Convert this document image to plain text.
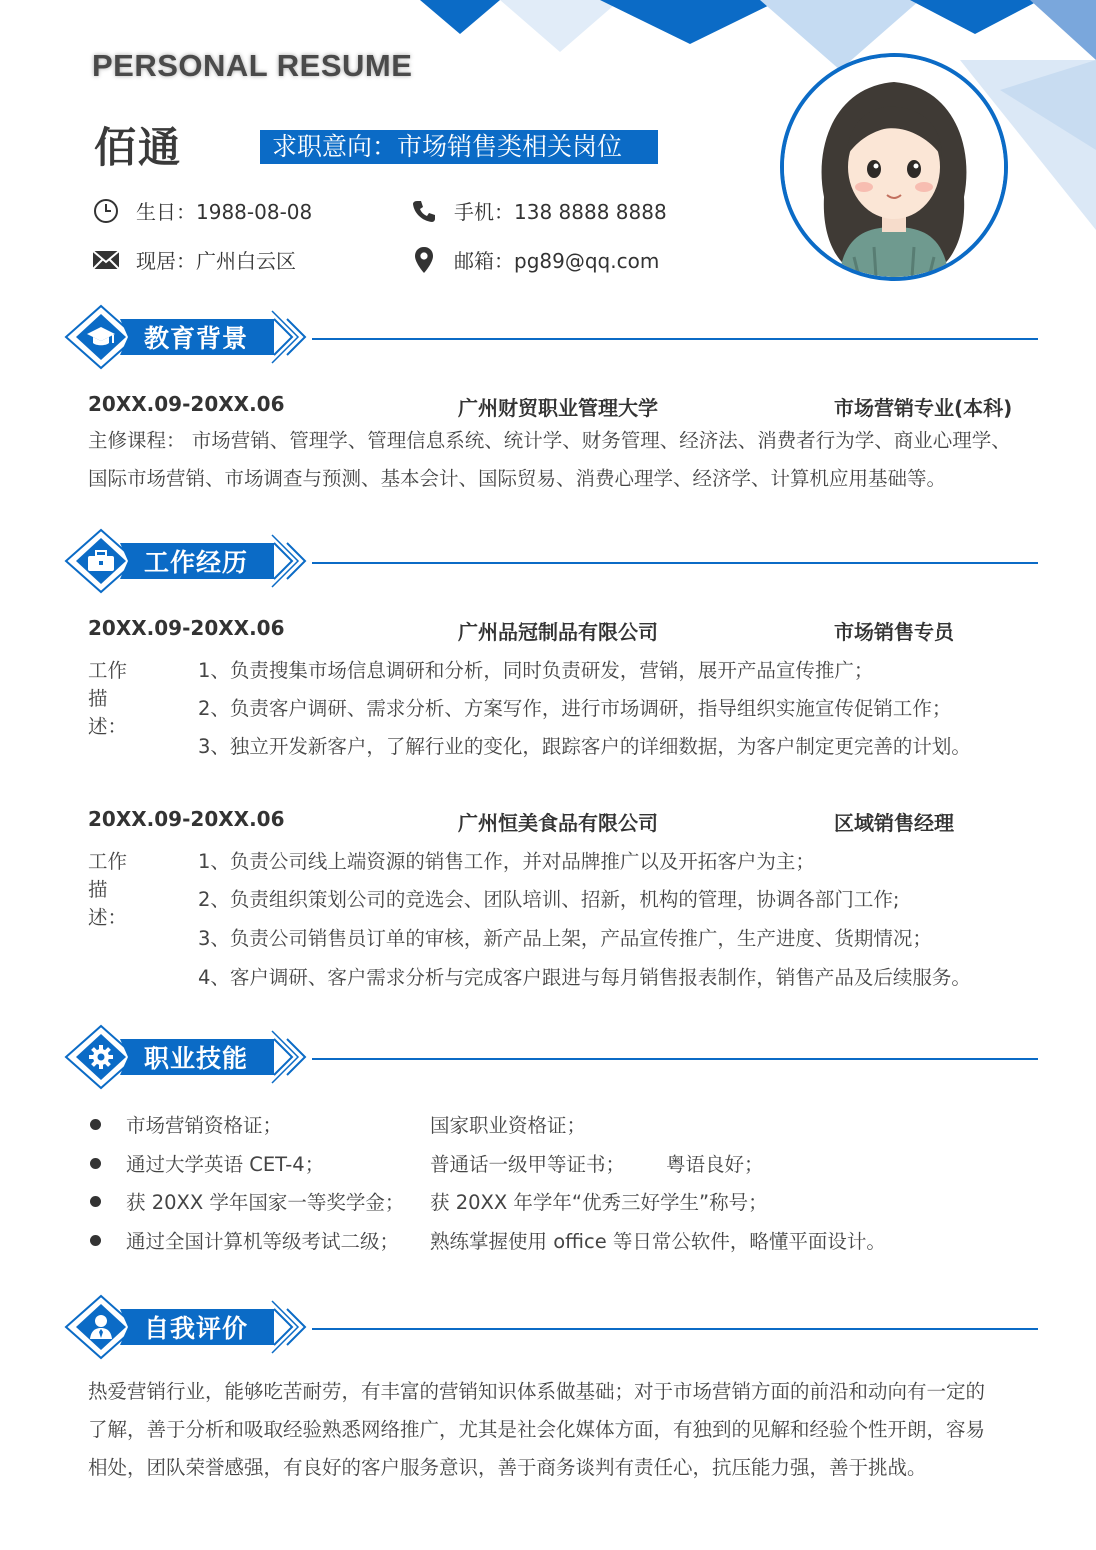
PERSONAL RESUME
佰通	求职意向：市场销售类相关岗位
生日：1988-08-08	手机：138 8888 8888
现居：广州白云区	邮箱：pg89@qq.com
教育背景
20XX.09-20XX.06	广州财贸职业管理大学	市场营销专业(本科)
主修课程： 市场营销、管理学、管理信息系统、统计学、财务管理、经济法、消费者行为学、商业心理学、
国际市场营销、市场调查与预测、基本会计、国际贸易、消费心理学、经济学、计算机应用基础等。
工作经历
20XX.09-20XX.06	广州品冠制品有限公司	市场销售专员
工作描述：
1、负责搜集市场信息调研和分析，同时负责研发，营销，展开产品宣传推广；
2、负责客户调研、需求分析、方案写作，进行市场调研，指导组织实施宣传促销工作；
3、独立开发新客户，了解行业的变化，跟踪客户的详细数据，为客户制定更完善的计划。
20XX.09-20XX.06	广州恒美食品有限公司	区域销售经理
工作描述：
1、负责公司线上端资源的销售工作，并对品牌推广以及开拓客户为主；
2、负责组织策划公司的竞选会、团队培训、招新，机构的管理，协调各部门工作;
3、负责公司销售员订单的审核，新产品上架，产品宣传推广，生产进度、货期情况；
4、客户调研、客户需求分析与完成客户跟进与每月销售报表制作，销售产品及后续服务。
职业技能
市场营销资格证；	国家职业资格证；
通过大学英语 CET-4；	普通话一级甲等证书； 粤语良好；
获 20XX 学年国家一等奖学金； 获 20XX 年学年“优秀三好学生”称号；
通过全国计算机等级考试二级； 熟练掌握使用 office 等日常公软件，略懂平面设计。
自我评价
热爱营销行业，能够吃苦耐劳，有丰富的营销知识体系做基础；对于市场营销方面的前沿和动向有一定的
了解，善于分析和吸取经验熟悉网络推广，尤其是社会化媒体方面，有独到的见解和经验个性开朗，容易
相处，团队荣誉感强，有良好的客户服务意识，善于商务谈判有责任心，抗压能力强，善于挑战。
